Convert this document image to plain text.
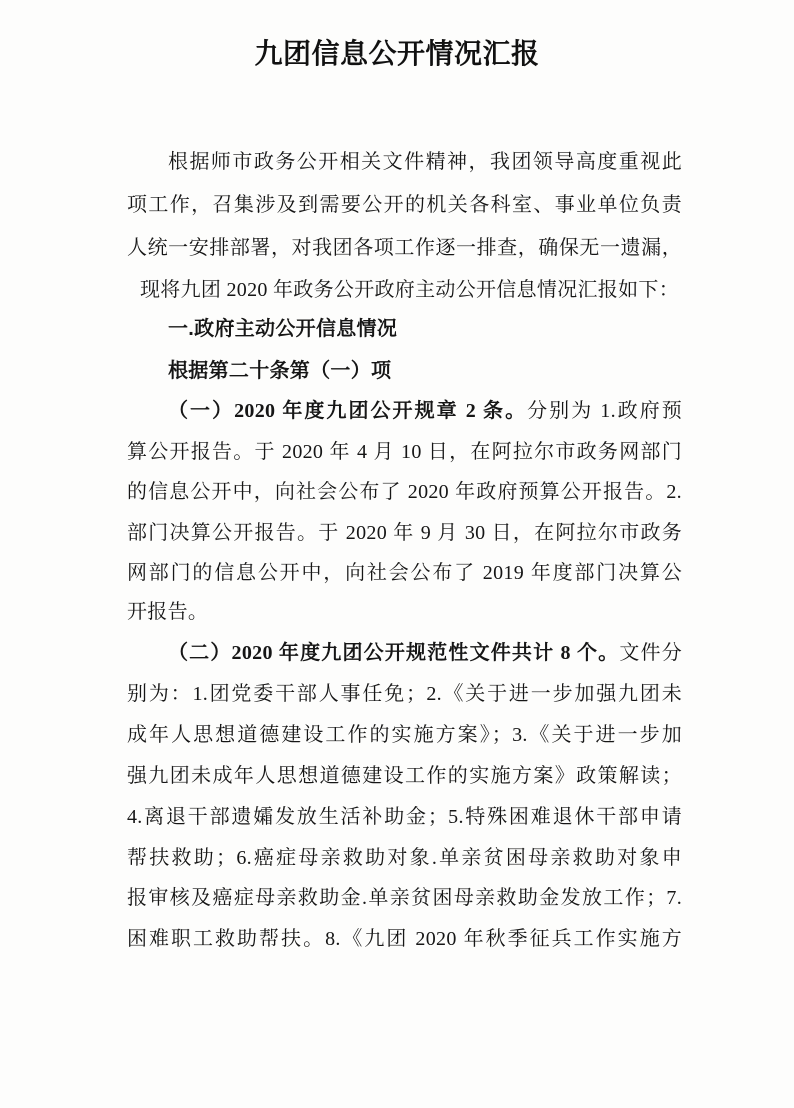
九团信息公开情况汇报
根据师市政务公开相关文件精神，我团领导高度重视此
项工作，召集涉及到需要公开的机关各科室、事业单位负责
人统一安排部署，对我团各项工作逐一排查，确保无一遗漏，
现将九团 2020 年政务公开政府主动公开信息情况汇报如下：
一.政府主动公开信息情况
根据第二十条第（一）项
（一）2020 年度九团公开规章 2 条。分别为 1.政府预
算公开报告。于 2020 年 4 月 10 日，在阿拉尔市政务网部门
的信息公开中，向社会公布了 2020 年政府预算公开报告。2.
部门决算公开报告。于 2020 年 9 月 30 日，在阿拉尔市政务
网部门的信息公开中，向社会公布了 2019 年度部门决算公
开报告。
（二）2020 年度九团公开规范性文件共计 8 个。文件分
别为：1.团党委干部人事任免；2.《关于进一步加强九团未
成年人思想道德建设工作的实施方案》；3.《关于进一步加
强九团未成年人思想道德建设工作的实施方案》政策解读；
4.离退干部遗孀发放生活补助金；5.特殊困难退休干部申请
帮扶救助；6.癌症母亲救助对象.单亲贫困母亲救助对象申
报审核及癌症母亲救助金.单亲贫困母亲救助金发放工作；7.
困难职工救助帮扶。8.《九团 2020 年秋季征兵工作实施方
